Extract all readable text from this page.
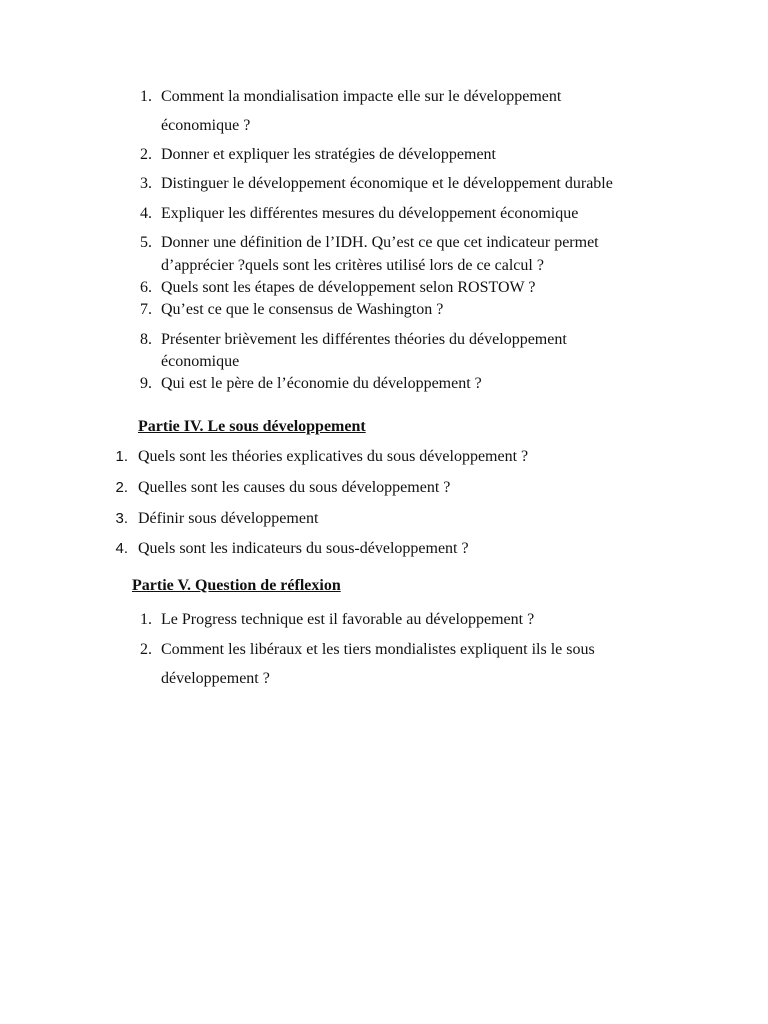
1. Comment la mondialisation impacte elle sur le développement
économique ?
2. Donner et expliquer les stratégies de développement
3. Distinguer le développement économique et le développement durable
4. Expliquer les différentes mesures du développement économique
5. Donner une définition de l’IDH. Qu’est ce que cet indicateur permet
d’apprécier ?quels sont les critères utilisé lors de ce calcul ?
6. Quels sont les étapes de développement selon ROSTOW ?
7. Qu’est ce que le consensus de Washington ?
8. Présenter brièvement les différentes théories du développement
économique
9. Qui est le père de l’économie du développement ?
Partie IV. Le sous développement
1. Quels sont les théories explicatives du sous développement ?
2. Quelles sont les causes du sous développement ?
3. Définir sous développement
4. Quels sont les indicateurs du sous-développement ?
Partie V. Question de réflexion
1. Le Progress technique est il favorable au développement ?
2. Comment les libéraux et les tiers mondialistes expliquent ils le sous
développement ?
